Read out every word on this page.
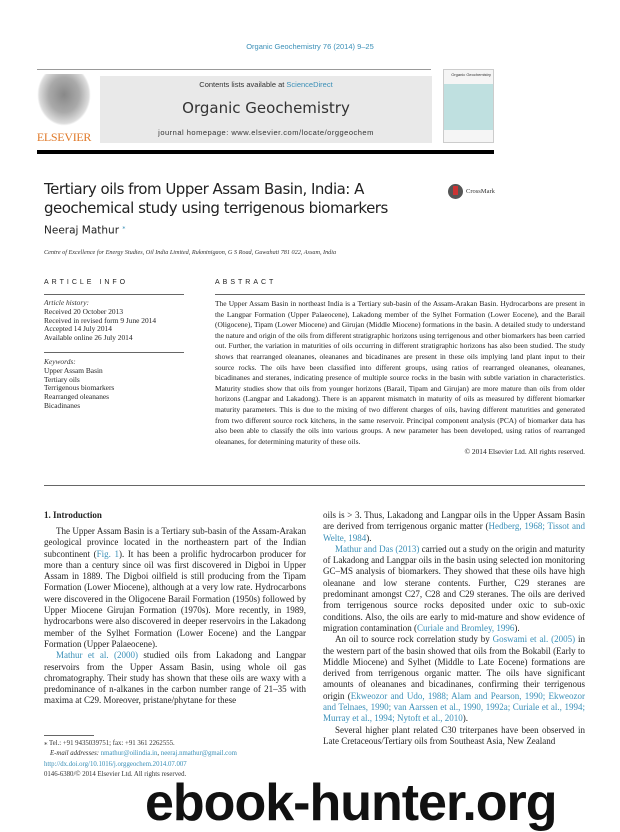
Organic Geochemistry 76 (2014) 9–25
ELSEVIER
Contents lists available at ScienceDirect
Organic Geochemistry
journal homepage: www.elsevier.com/locate/orggeochem
Organic Geochemistry
Tertiary oils from Upper Assam Basin, India: A geochemical study using terrigenous biomarkers
CrossMark
Neeraj Mathur ⁎
Centre of Excellence for Energy Studies, Oil India Limited, Rukminigaon, G S Road, Guwahati 781 022, Assam, India
ARTICLE INFO
Article history:
Received 20 October 2013
Received in revised form 9 June 2014
Accepted 14 July 2014
Available online 26 July 2014
Keywords:
Upper Assam Basin
Tertiary oils
Terrigenous biomarkers
Rearranged oleananes
Bicadinanes
ABSTRACT
The Upper Assam Basin in northeast India is a Tertiary sub-basin of the Assam-Arakan Basin. Hydrocarbons are present in the Langpar Formation (Upper Palaeocene), Lakadong member of the Sylhet Formation (Lower Eocene), and the Barail (Oligocene), Tipam (Lower Miocene) and Girujan (Middle Miocene) formations in the basin. A detailed study to understand the nature and origin of the oils from different stratigraphic horizons using terrigenous and other biomarkers has been carried out. Further, the variation in maturities of oils occurring in different stratigraphic horizons has also been studied. The study shows that rearranged oleananes, oleananes and bicadinanes are present in these oils implying land plant input to their source rocks. The oils have been classified into different groups, using ratios of rearranged oleananes, oleananes, bicadinanes and steranes, indicating presence of multiple source rocks in the basin with subtle variation in characteristics. Maturity studies show that oils from younger horizons (Barail, Tipam and Girujan) are more mature than oils from older horizons (Langpar and Lakadong). There is an apparent mismatch in maturity of oils as measured by different biomarker maturity parameters. This is due to the mixing of two different charges of oils, having different maturities and generated from two different source rock kitchens, in the same reservoir. Principal component analysis (PCA) of biomarker data has also been able to classify the oils into various groups. A new parameter has been developed, using ratios of rearranged oleananes, for determining maturity of these oils.
© 2014 Elsevier Ltd. All rights reserved.
1. Introduction

The Upper Assam Basin is a Tertiary sub-basin of the Assam-Arakan geological province located in the northeastern part of the Indian subcontinent (Fig. 1). It has been a prolific hydrocarbon producer for more than a century since oil was first discovered in Digboi in Upper Assam in 1889. The Digboi oilfield is still producing from the Tipam Formation (Lower Miocene), although at a very low rate. Hydrocarbons were discovered in the Oligocene Barail Formation (1950s) followed by Upper Miocene Girujan Formation (1970s). More recently, in 1989, hydrocarbons were also discovered in deeper reservoirs in the Lakadong member of the Sylhet Formation (Lower Eocene) and the Langpar Formation (Upper Palaeocene).

Mathur et al. (2000) studied oils from Lakadong and Langpar reservoirs from the Upper Assam Basin, using whole oil gas chromatography. Their study has shown that these oils are waxy with a predominance of n-alkanes in the carbon number range of 21–35 with maxima at C29. Moreover, pristane/phytane for these

oils is > 3. Thus, Lakadong and Langpar oils in the Upper Assam Basin are derived from terrigenous organic matter (Hedberg, 1968; Tissot and Welte, 1984).

Mathur and Das (2013) carried out a study on the origin and maturity of Lakadong and Langpar oils in the basin using selected ion monitoring GC–MS analysis of biomarkers. They showed that these oils have high oleanane and low sterane contents. Further, C29 steranes are predominant amongst C27, C28 and C29 steranes. The oils are derived from terrigenous source rocks deposited under oxic to sub-oxic conditions. Also, the oils are early to mid-mature and show evidence of migration contamination (Curiale and Bromley, 1996).

An oil to source rock correlation study by Goswami et al. (2005) in the western part of the basin showed that oils from the Bokabil (Early to Middle Miocene) and Sylhet (Middle to Late Eocene) formations are derived from terrigenous organic matter. The oils have significant amounts of oleananes and bicadinanes, confirming their terrigenous origin (Ekweozor and Udo, 1988; Alam and Pearson, 1990; Ekweozor and Telnaes, 1990; van Aarssen et al., 1990, 1992a; Curiale et al., 1994; Murray et al., 1994; Nytoft et al., 2010).

Several higher plant related C30 triterpanes have been observed in Late Cretaceous/Tertiary oils from Southeast Asia, New Zealand

⁎ Tel.: +91 9435039751; fax: +91 361 2262555.
E-mail addresses: nmathur@oilindia.in, neeraj.nmathur@gmail.com
http://dx.doi.org/10.1016/j.orggeochem.2014.07.007
0146-6380/© 2014 Elsevier Ltd. All rights reserved.
ebook-hunter.org
